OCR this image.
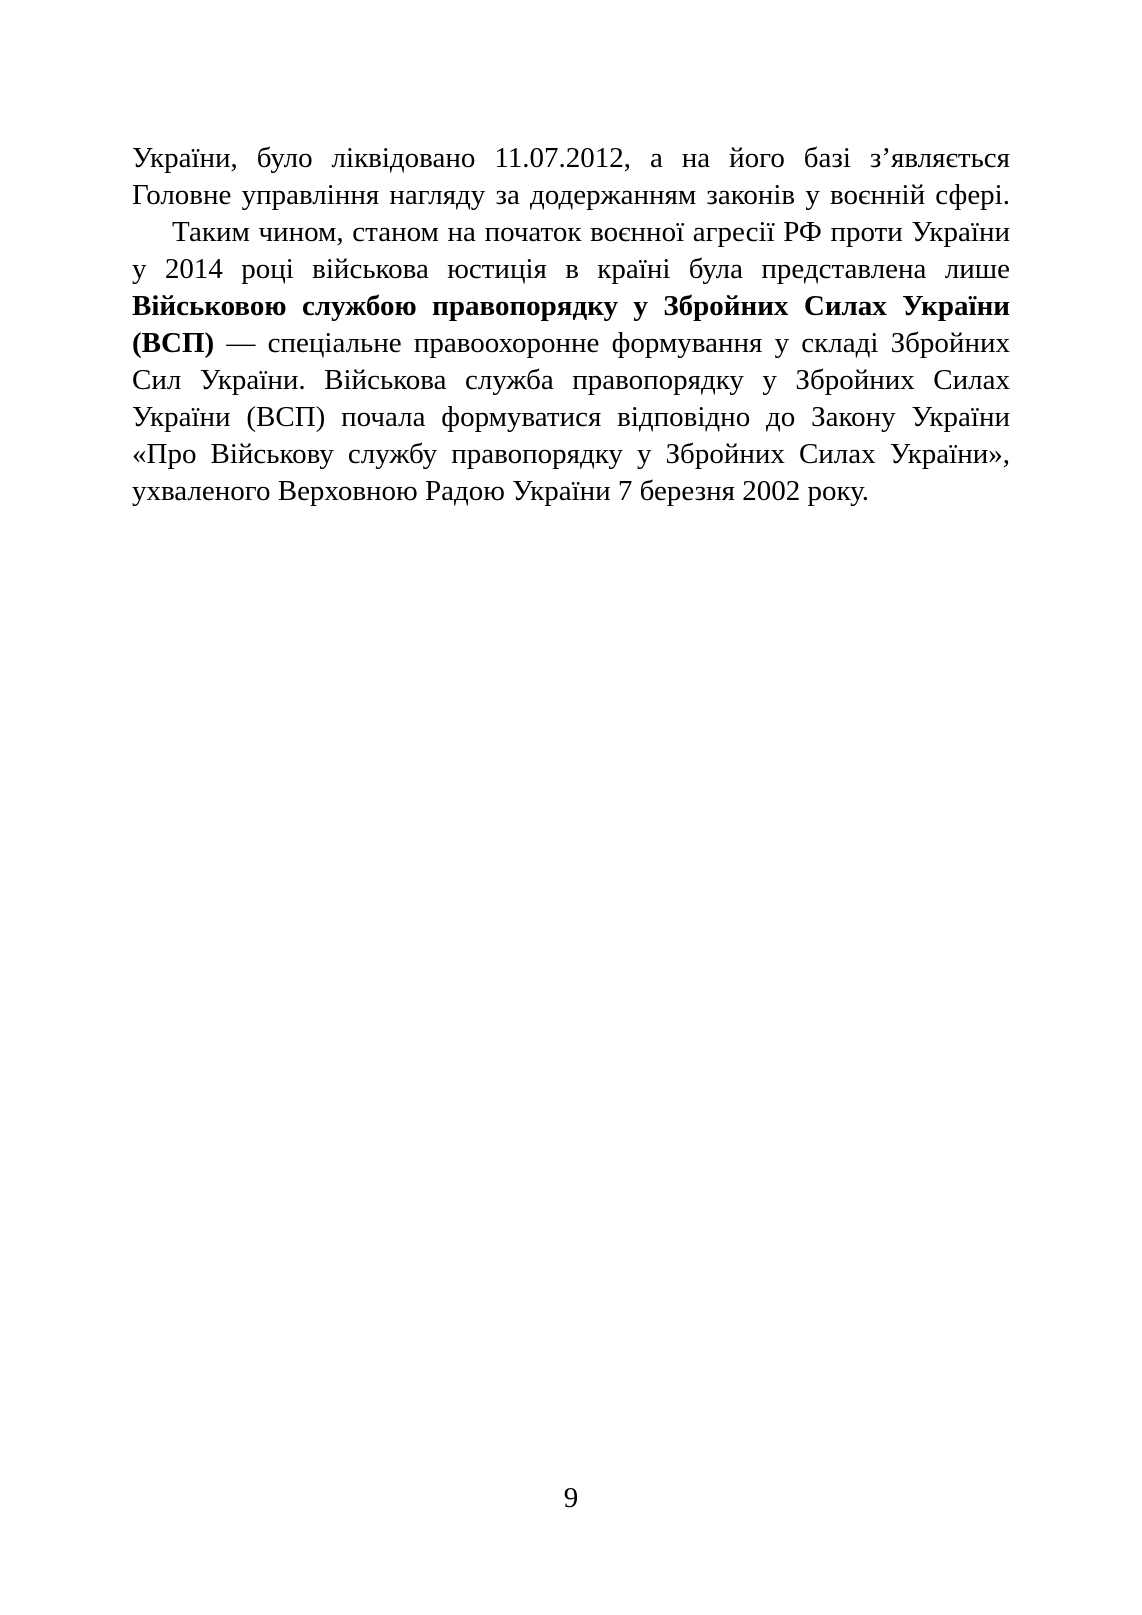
України, було ліквідовано 11.07.2012, а на його базі з’являється
Головне управління нагляду за додержанням законів у воєнній сфері.
Таким чином, станом на початок воєнної агресії РФ проти України
у 2014 році військова юстиція в країні була представлена лише
Військовою службою правопорядку у Збройних Силах України
(ВСП) — спеціальне правоохоронне формування у складі Збройних
Сил України. Військова служба правопорядку у Збройних Силах
України (ВСП) почала формуватися відповідно до Закону України
«Про Військову службу правопорядку у Збройних Силах України»,
ухваленого Верховною Радою України 7 березня 2002 року.
9
